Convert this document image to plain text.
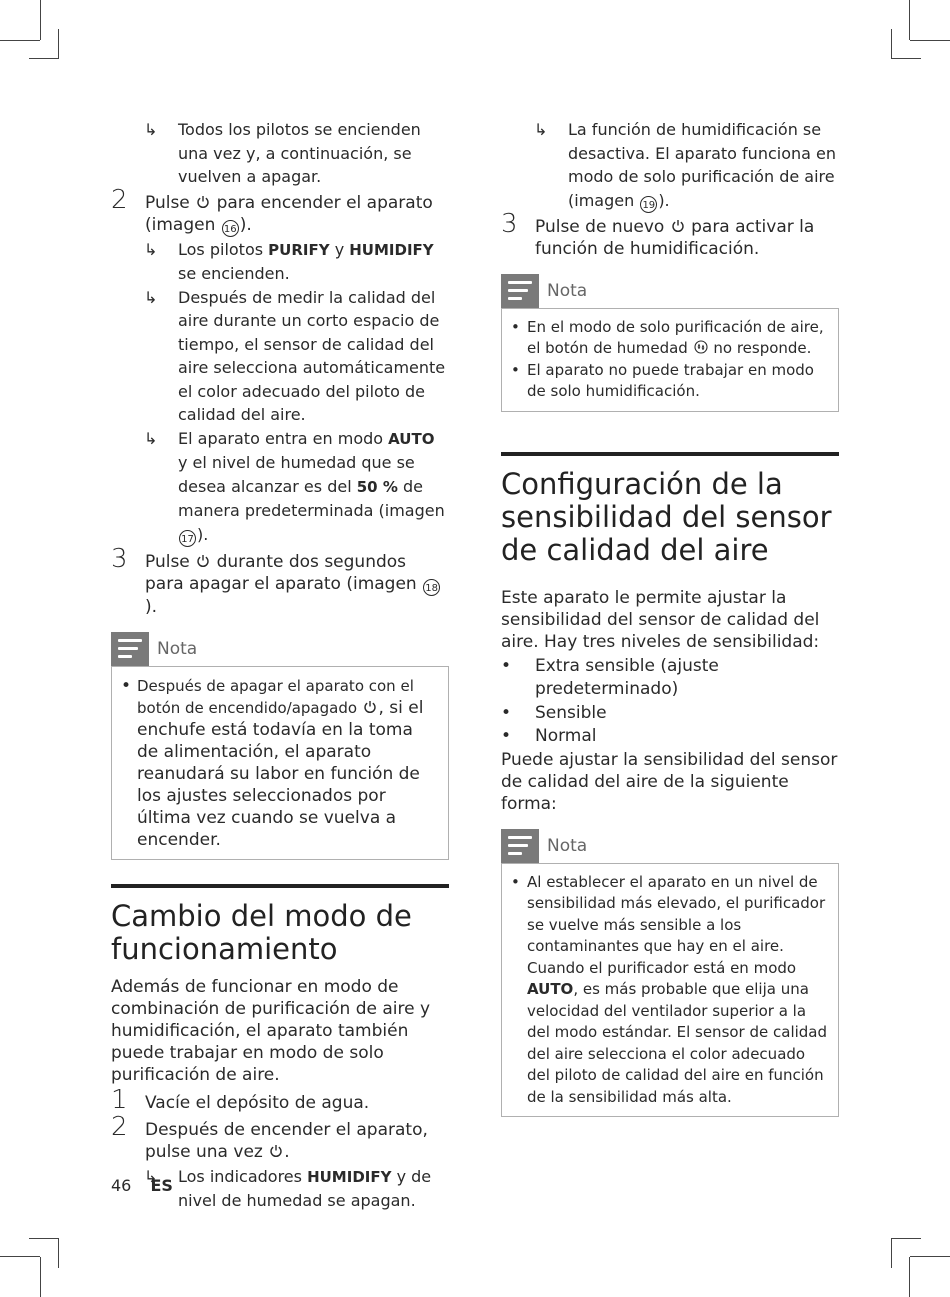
↳ Todos los pilotos se encienden una vez y, a continuación, se vuelven a apagar.
2 Pulse para encender el aparato (imagen 16 ).
↳ Los pilotos PURIFY y HUMIDIFY se encienden.
↳ Después de medir la calidad del aire durante un corto espacio de tiempo, el sensor de calidad del aire selecciona automáticamente el color adecuado del piloto de calidad del aire.
↳ El aparato entra en modo AUTO y el nivel de humedad que se desea alcanzar es del 50 % de manera predeterminada (imagen 17 ).
3 Pulse durante dos segundos para apagar el aparato (imagen 18).
Nota
• Después de apagar el aparato con el botón de encendido/apagado , si el enchufe está todavía en la toma de alimentación, el aparato reanudará su labor en función de los ajustes seleccionados por última vez cuando se vuelva a encender.
Cambio del modo de funcionamiento
Además de funcionar en modo de combinación de purificación de aire y humidificación, el aparato también puede trabajar en modo de solo purificación de aire.
1 Vacíe el depósito de agua.
2 Después de encender el aparato, pulse una vez .
↳ Los indicadores HUMIDIFY y de nivel de humedad se apagan.
↳ La función de humidificación se desactiva. El aparato funciona en modo de solo purificación de aire (imagen 19 ).
3 Pulse de nuevo para activar la función de humidificación.
Nota
• En el modo de solo purificación de aire, el botón de humedad no responde.
• El aparato no puede trabajar en modo de solo humidificación.
Configuración de la sensibilidad del sensor de calidad del aire
Este aparato le permite ajustar la sensibilidad del sensor de calidad del aire. Hay tres niveles de sensibilidad:
• Extra sensible (ajuste predeterminado)
• Sensible
• Normal
Puede ajustar la sensibilidad del sensor de calidad del aire de la siguiente forma:
Nota
• Al establecer el aparato en un nivel de sensibilidad más elevado, el purificador se vuelve más sensible a los contaminantes que hay en el aire. Cuando el purificador está en modo AUTO, es más probable que elija una velocidad del ventilador superior a la del modo estándar. El sensor de calidad del aire selecciona el color adecuado del piloto de calidad del aire en función de la sensibilidad más alta.
46 ES
